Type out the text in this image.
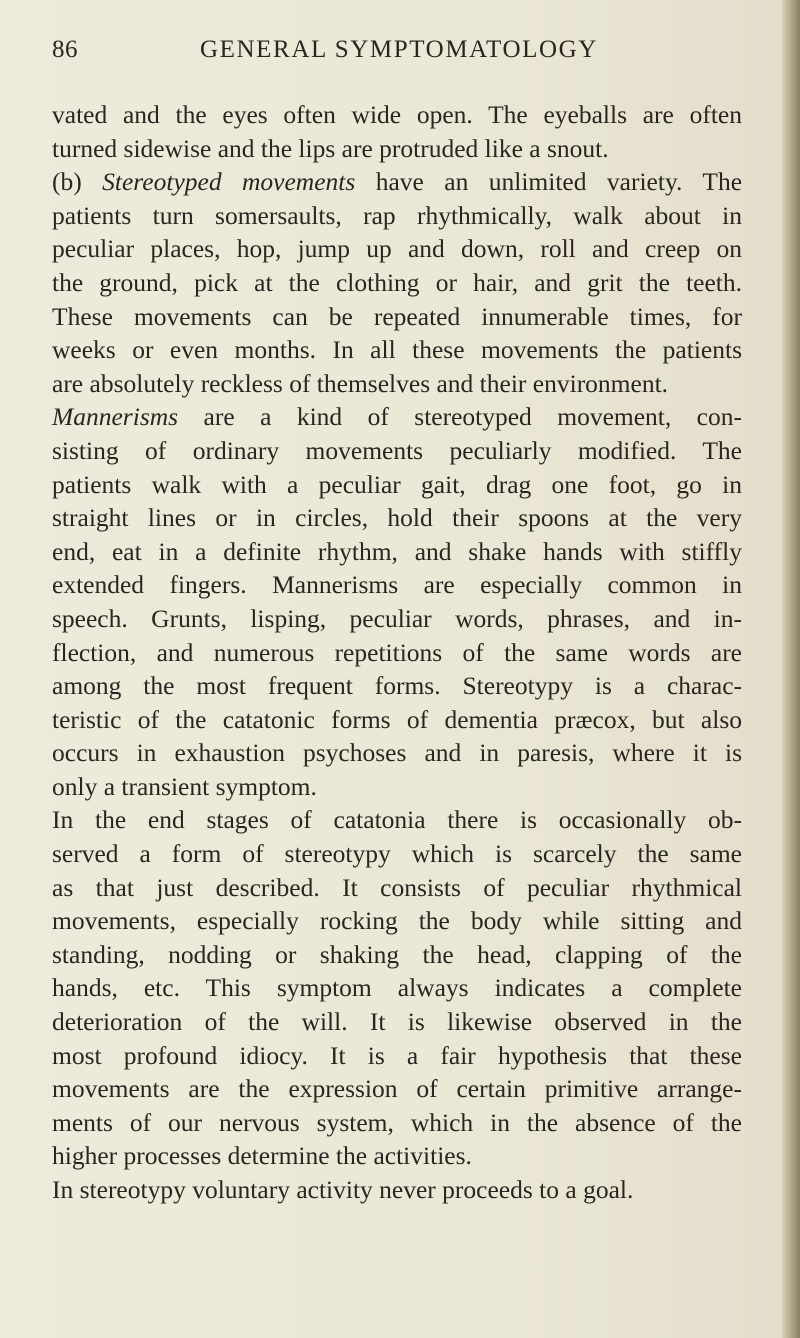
86	GENERAL SYMPTOMATOLOGY
vated and the eyes often wide open. The eyeballs are often
turned sidewise and the lips are protruded like a snout.
(b) Stereotyped movements have an unlimited variety. The
patients turn somersaults, rap rhythmically, walk about in
peculiar places, hop, jump up and down, roll and creep on
the ground, pick at the clothing or hair, and grit the teeth.
These movements can be repeated innumerable times, for
weeks or even months. In all these movements the patients
are absolutely reckless of themselves and their environment.
Mannerisms are a kind of stereotyped movement, con-
sisting of ordinary movements peculiarly modified. The
patients walk with a peculiar gait, drag one foot, go in
straight lines or in circles, hold their spoons at the very
end, eat in a definite rhythm, and shake hands with stiffly
extended fingers. Mannerisms are especially common in
speech. Grunts, lisping, peculiar words, phrases, and in-
flection, and numerous repetitions of the same words are
among the most frequent forms. Stereotypy is a charac-
teristic of the catatonic forms of dementia præcox, but also
occurs in exhaustion psychoses and in paresis, where it is
only a transient symptom.
In the end stages of catatonia there is occasionally ob-
served a form of stereotypy which is scarcely the same
as that just described. It consists of peculiar rhythmical
movements, especially rocking the body while sitting and
standing, nodding or shaking the head, clapping of the
hands, etc. This symptom always indicates a complete
deterioration of the will. It is likewise observed in the
most profound idiocy. It is a fair hypothesis that these
movements are the expression of certain primitive arrange-
ments of our nervous system, which in the absence of the
higher processes determine the activities.
In stereotypy voluntary activity never proceeds to a goal.
